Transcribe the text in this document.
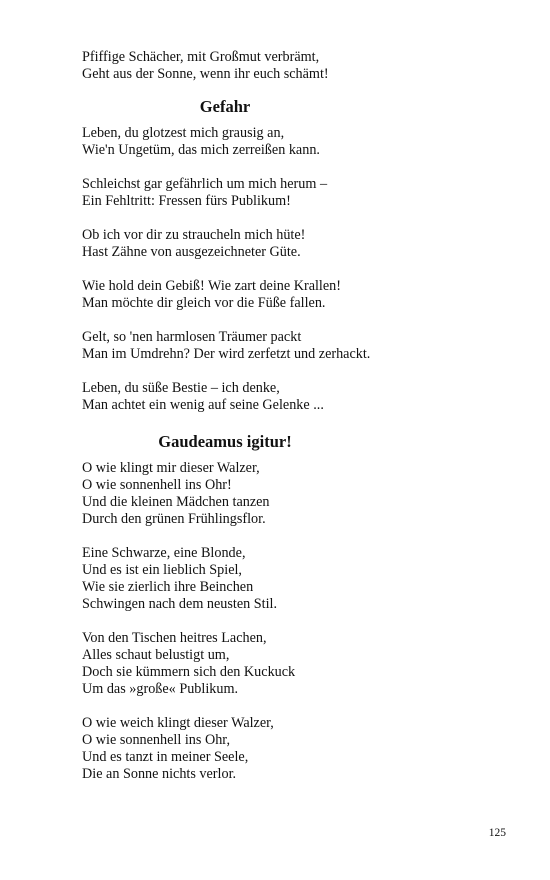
Pfiffige Schächer, mit Großmut verbrämt,
Geht aus der Sonne, wenn ihr euch schämt!
Gefahr
Leben, du glotzest mich grausig an,
Wie'n Ungetüm, das mich zerreißen kann.
Schleichst gar gefährlich um mich herum –
Ein Fehltritt: Fressen fürs Publikum!
Ob ich vor dir zu straucheln mich hüte!
Hast Zähne von ausgezeichneter Güte.
Wie hold dein Gebiß! Wie zart deine Krallen!
Man möchte dir gleich vor die Füße fallen.
Gelt, so 'nen harmlosen Träumer packt
Man im Umdrehn? Der wird zerfetzt und zerhackt.
Leben, du süße Bestie – ich denke,
Man achtet ein wenig auf seine Gelenke ...
Gaudeamus igitur!
O wie klingt mir dieser Walzer,
O wie sonnenhell ins Ohr!
Und die kleinen Mädchen tanzen
Durch den grünen Frühlingsflor.
Eine Schwarze, eine Blonde,
Und es ist ein lieblich Spiel,
Wie sie zierlich ihre Beinchen
Schwingen nach dem neusten Stil.
Von den Tischen heitres Lachen,
Alles schaut belustigt um,
Doch sie kümmern sich den Kuckuck
Um das »große« Publikum.
O wie weich klingt dieser Walzer,
O wie sonnenhell ins Ohr,
Und es tanzt in meiner Seele,
Die an Sonne nichts verlor.
125
